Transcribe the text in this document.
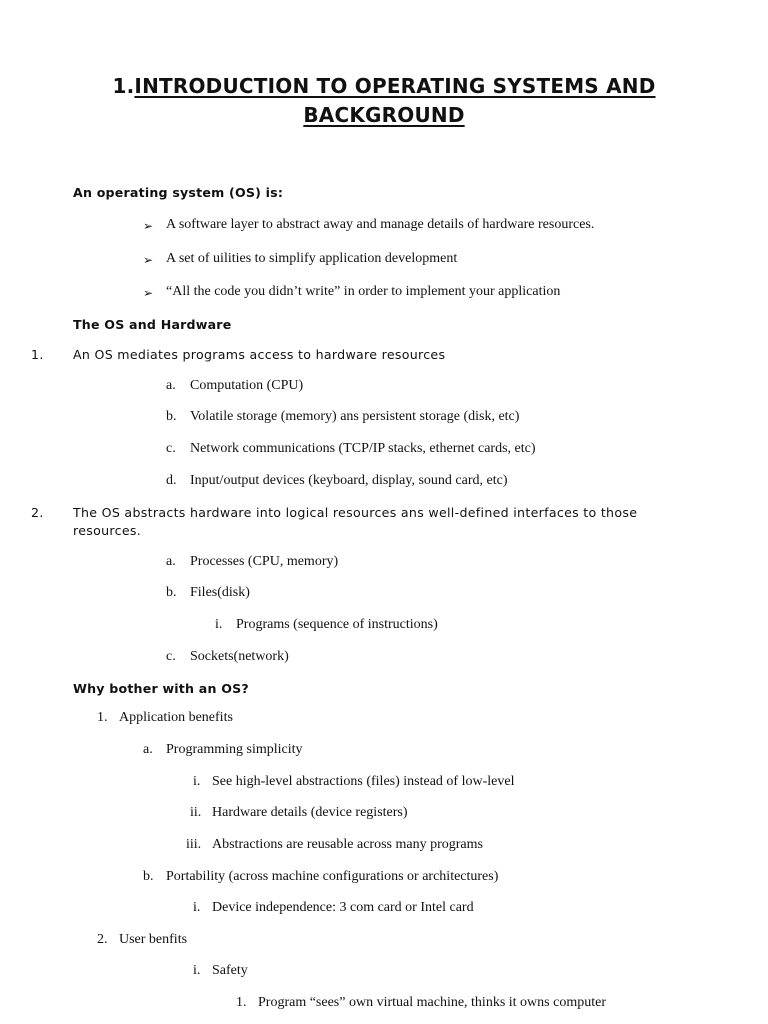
1.INTRODUCTION TO OPERATING SYSTEMS AND
BACKGROUND
An operating system (OS) is:
➢ A software layer to abstract away and manage details of hardware resources.
➢ A set of uilities to simplify application development
➢ “All the code you didn’t write” in order to implement your application
The OS and Hardware
1. An OS mediates programs access to hardware resources
a. Computation (CPU)
b. Volatile storage (memory) ans persistent storage (disk, etc)
c. Network communications (TCP/IP stacks, ethernet cards, etc)
d. Input/output devices (keyboard, display, sound card, etc)
2. The OS abstracts hardware into logical resources ans well-defined interfaces to those
resources.
a. Processes (CPU, memory)
b. Files(disk)
i. Programs (sequence of instructions)
c. Sockets(network)
Why bother with an OS?
1. Application benefits
a. Programming simplicity
i. See high-level abstractions (files) instead of low-level
ii. Hardware details (device registers)
iii. Abstractions are reusable across many programs
b. Portability (across machine configurations or architectures)
i. Device independence: 3 com card or Intel card
2. User benfits
i. Safety
1. Program “sees” own virtual machine, thinks it owns computer
